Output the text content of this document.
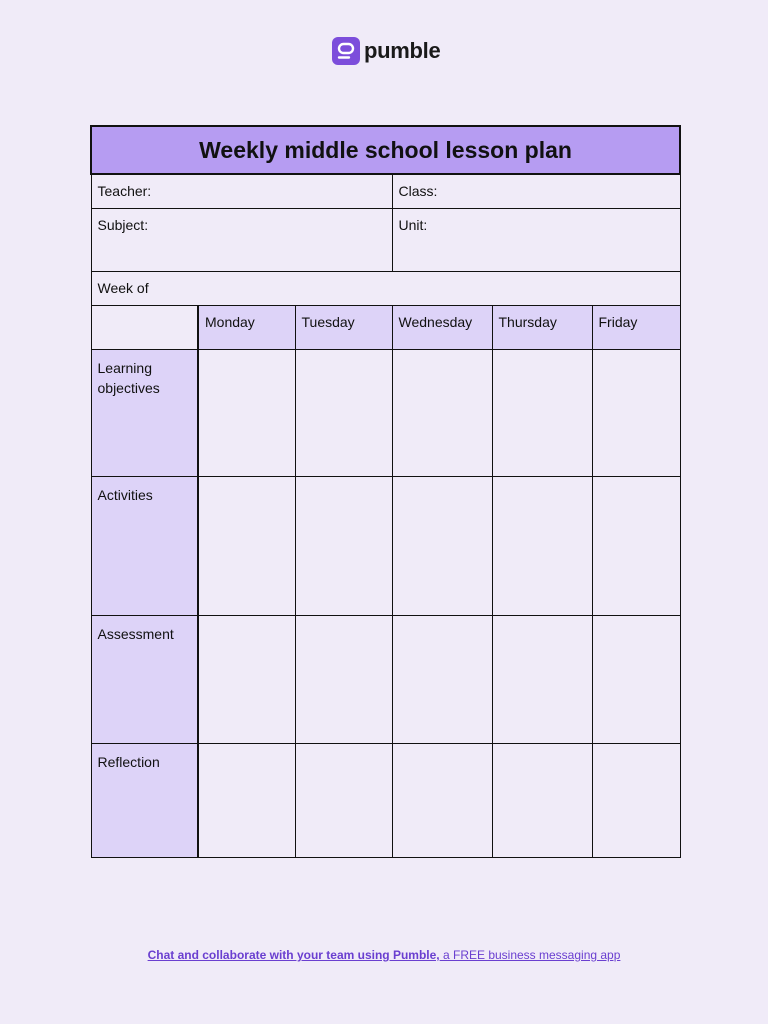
pumble
Weekly middle school lesson plan					
Teacher:			Class:		
Subject:			Unit:		
Week of					
	Monday	Tuesday	Wednesday	Thursday	Friday
Learning objectives					
Activities					
Assessment					
Reflection					
Chat and collaborate with your team using Pumble, a FREE business messaging app
